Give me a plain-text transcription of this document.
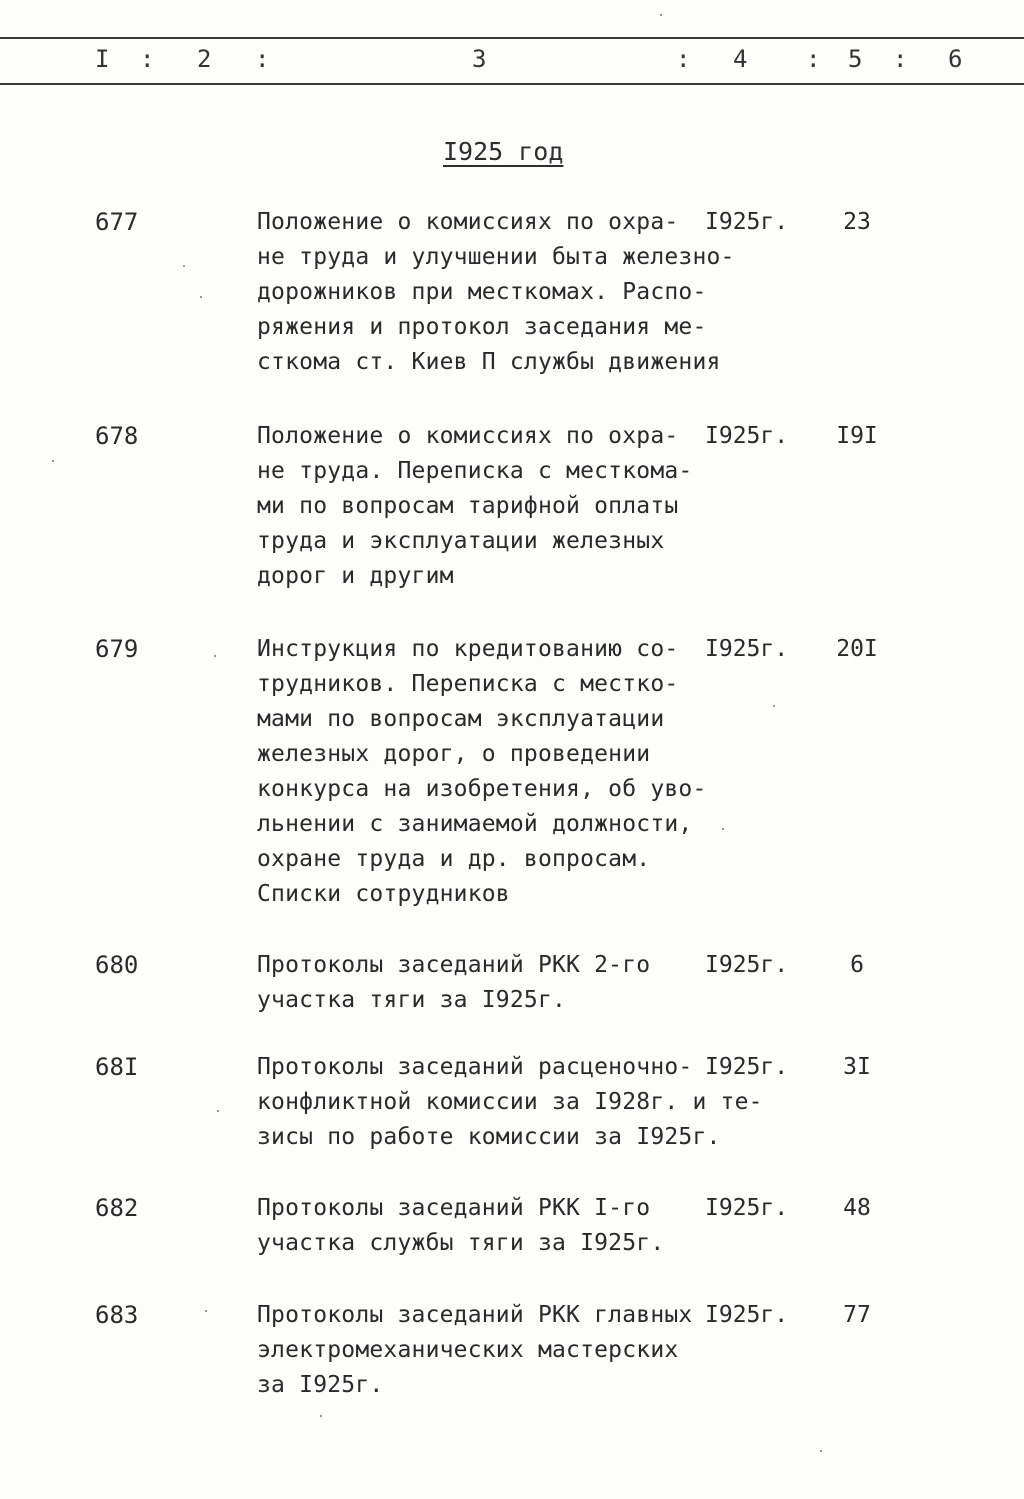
I : 2 :	3	: 4 : 5 : 6
I925 год
677	Положение о комиссиях по охра-
не труда и улучшении быта железно-
дорожников при месткомах. Распо-
ряжения и протокол заседания ме-
сткома ст. Киев П службы движения
I925г.	23
678	Положение о комиссиях по охра-
не труда. Переписка с месткома-
ми по вопросам тарифной оплаты
труда и эксплуатации железных
дорог и другим
I925г. I9I
679	Инструкция по кредитованию со-
трудников. Переписка с местко-
мами по вопросам эксплуатации
железных дорог, о проведении
конкурса на изобретения, об уво-
льнении с занимаемой должности,
охране труда и др. вопросам.
Списки сотрудников
I925г. 20I
680	Протоколы заседаний РКК 2-го
участка тяги за I925г.
I925г.	6
68I	Протоколы заседаний расценочно-
конфликтной комиссии за I928г. и те-
зисы по работе комиссии за I925г.
I925г.	3I
682	Протоколы заседаний РКК I-го
участка службы тяги за I925г.
I925г.	48
683	Протоколы заседаний РКК главных
электромеханических мастерских
за I925г.
I925г.	77
